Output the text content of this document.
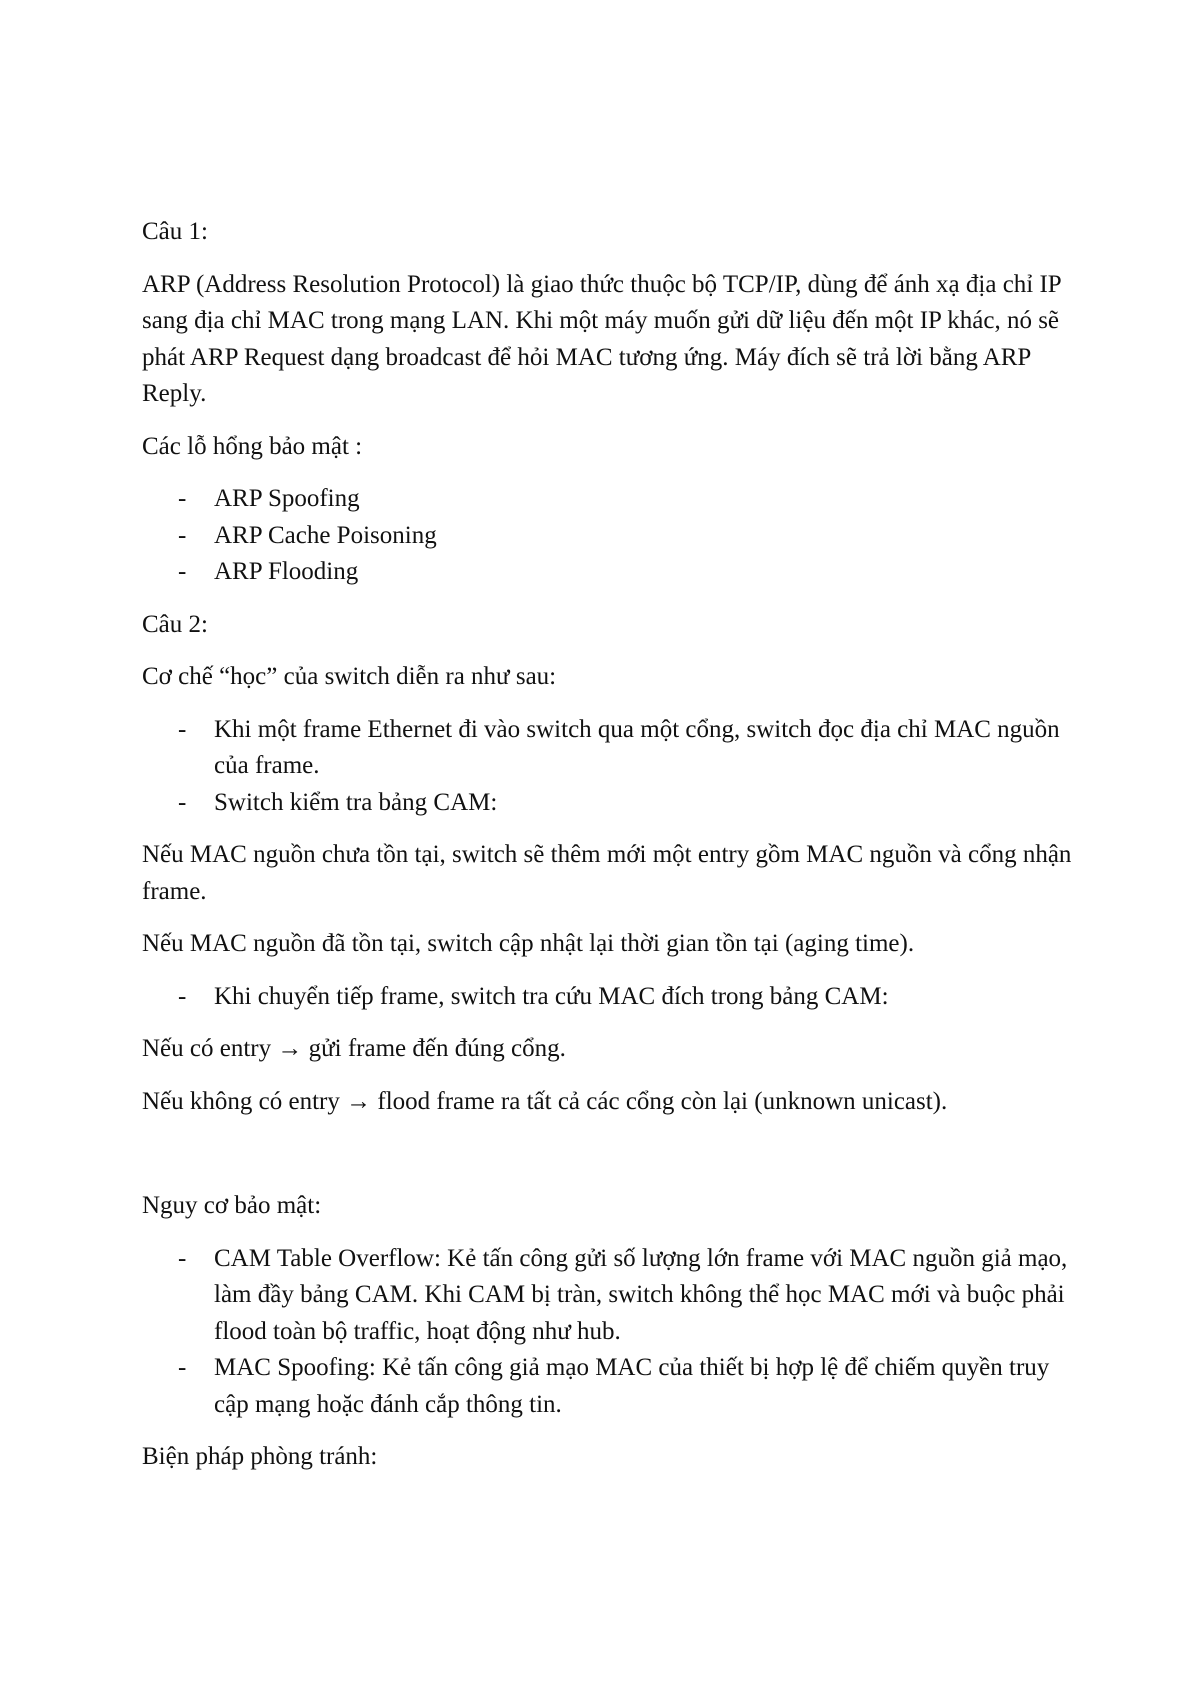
Câu 1:

ARP (Address Resolution Protocol) là giao thức thuộc bộ TCP/IP, dùng để ánh xạ địa chỉ IP sang địa chỉ MAC trong mạng LAN. Khi một máy muốn gửi dữ liệu đến một IP khác, nó sẽ phát ARP Request dạng broadcast để hỏi MAC tương ứng. Máy đích sẽ trả lời bằng ARP Reply.

Các lỗ hổng bảo mật :

- ARP Spoofing
- ARP Cache Poisoning
- ARP Flooding

Câu 2:

Cơ chế “học” của switch diễn ra như sau:

- Khi một frame Ethernet đi vào switch qua một cổng, switch đọc địa chỉ MAC nguồn của frame.
- Switch kiểm tra bảng CAM:

Nếu MAC nguồn chưa tồn tại, switch sẽ thêm mới một entry gồm MAC nguồn và cổng nhận frame.

Nếu MAC nguồn đã tồn tại, switch cập nhật lại thời gian tồn tại (aging time).

- Khi chuyển tiếp frame, switch tra cứu MAC đích trong bảng CAM:

Nếu có entry → gửi frame đến đúng cổng.

Nếu không có entry → flood frame ra tất cả các cổng còn lại (unknown unicast).

Nguy cơ bảo mật:

- CAM Table Overflow: Kẻ tấn công gửi số lượng lớn frame với MAC nguồn giả mạo, làm đầy bảng CAM. Khi CAM bị tràn, switch không thể học MAC mới và buộc phải flood toàn bộ traffic, hoạt động như hub.
- MAC Spoofing: Kẻ tấn công giả mạo MAC của thiết bị hợp lệ để chiếm quyền truy cập mạng hoặc đánh cắp thông tin.

Biện pháp phòng tránh:
